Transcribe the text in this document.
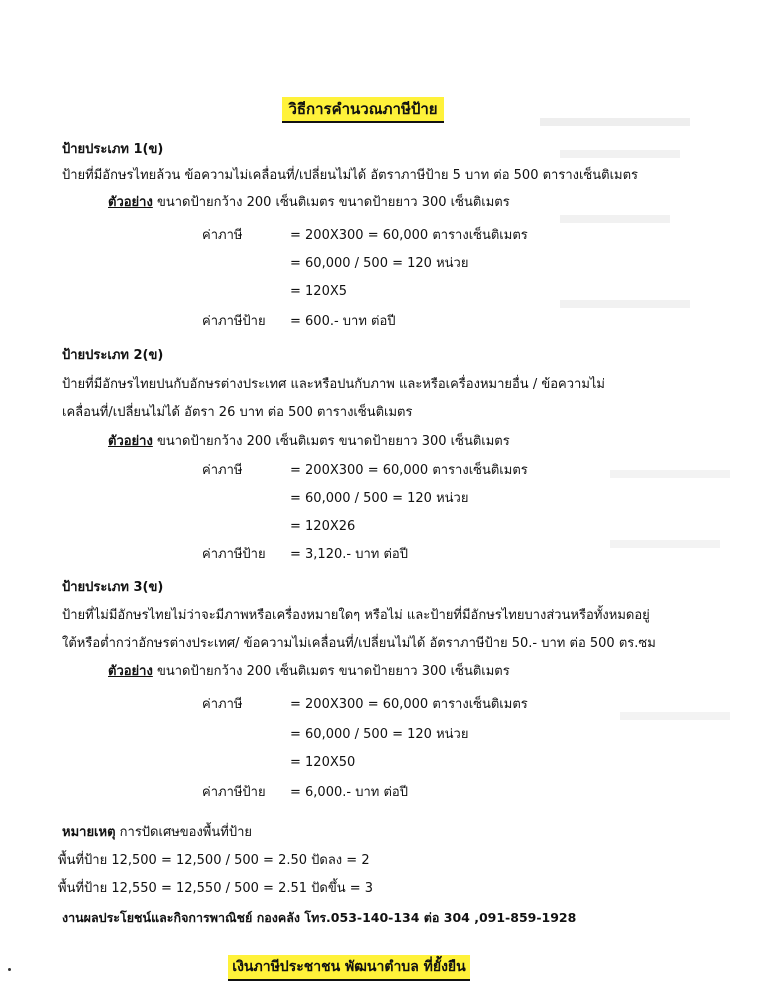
วิธีการคำนวณภาษีป้าย
ป้ายประเภท 1(ข)
ป้ายที่มีอักษรไทยล้วน ข้อความไม่เคลื่อนที่/เปลี่ยนไม่ได้ อัตราภาษีป้าย 5 บาท ต่อ 500 ตารางเซ็นติเมตร
ตัวอย่าง ขนาดป้ายกว้าง 200 เซ็นติเมตร ขนาดป้ายยาว 300 เซ็นติเมตร
ค่าภาษี	= 200X300 = 60,000 ตารางเซ็นติเมตร
= 60,000 / 500 = 120 หน่วย
= 120X5
ค่าภาษีป้าย = 600.- บาท ต่อปี
ป้ายประเภท 2(ข)
ป้ายที่มีอักษรไทยปนกับอักษรต่างประเทศ และหรือปนกับภาพ และหรือเครื่องหมายอื่น / ข้อความไม่
เคลื่อนที่/เปลี่ยนไม่ได้ อัตรา 26 บาท ต่อ 500 ตารางเซ็นติเมตร
ตัวอย่าง ขนาดป้ายกว้าง 200 เซ็นติเมตร ขนาดป้ายยาว 300 เซ็นติเมตร
ค่าภาษี	= 200X300 = 60,000 ตารางเซ็นติเมตร
= 60,000 / 500 = 120 หน่วย
= 120X26
ค่าภาษีป้าย = 3,120.- บาท ต่อปี
ป้ายประเภท 3(ข)
ป้ายที่ไม่มีอักษรไทยไม่ว่าจะมีภาพหรือเครื่องหมายใดๆ หรือไม่ และป้ายที่มีอักษรไทยบางส่วนหรือทั้งหมดอยู่
ใต้หรือต่ำกว่าอักษรต่างประเทศ/ ข้อความไม่เคลื่อนที่/เปลี่ยนไม่ได้ อัตราภาษีป้าย 50.- บาท ต่อ 500 ตร.ซม
ตัวอย่าง ขนาดป้ายกว้าง 200 เซ็นติเมตร ขนาดป้ายยาว 300 เซ็นติเมตร
ค่าภาษี	= 200X300 = 60,000 ตารางเซ็นติเมตร
= 60,000 / 500 = 120 หน่วย
= 120X50
ค่าภาษีป้าย = 6,000.- บาท ต่อปี
หมายเหตุ การปัดเศษของพื้นที่ป้าย
พื้นที่ป้าย 12,500 = 12,500 / 500 = 2.50 ปัดลง = 2
พื้นที่ป้าย 12,550 = 12,550 / 500 = 2.51 ปัดขึ้น = 3
งานผลประโยชน์และกิจการพาณิชย์ กองคลัง โทร.053-140-134 ต่อ 304 ,091-859-1928
เงินภาษีประชาชน พัฒนาตำบล ที่ยั้งยืน
